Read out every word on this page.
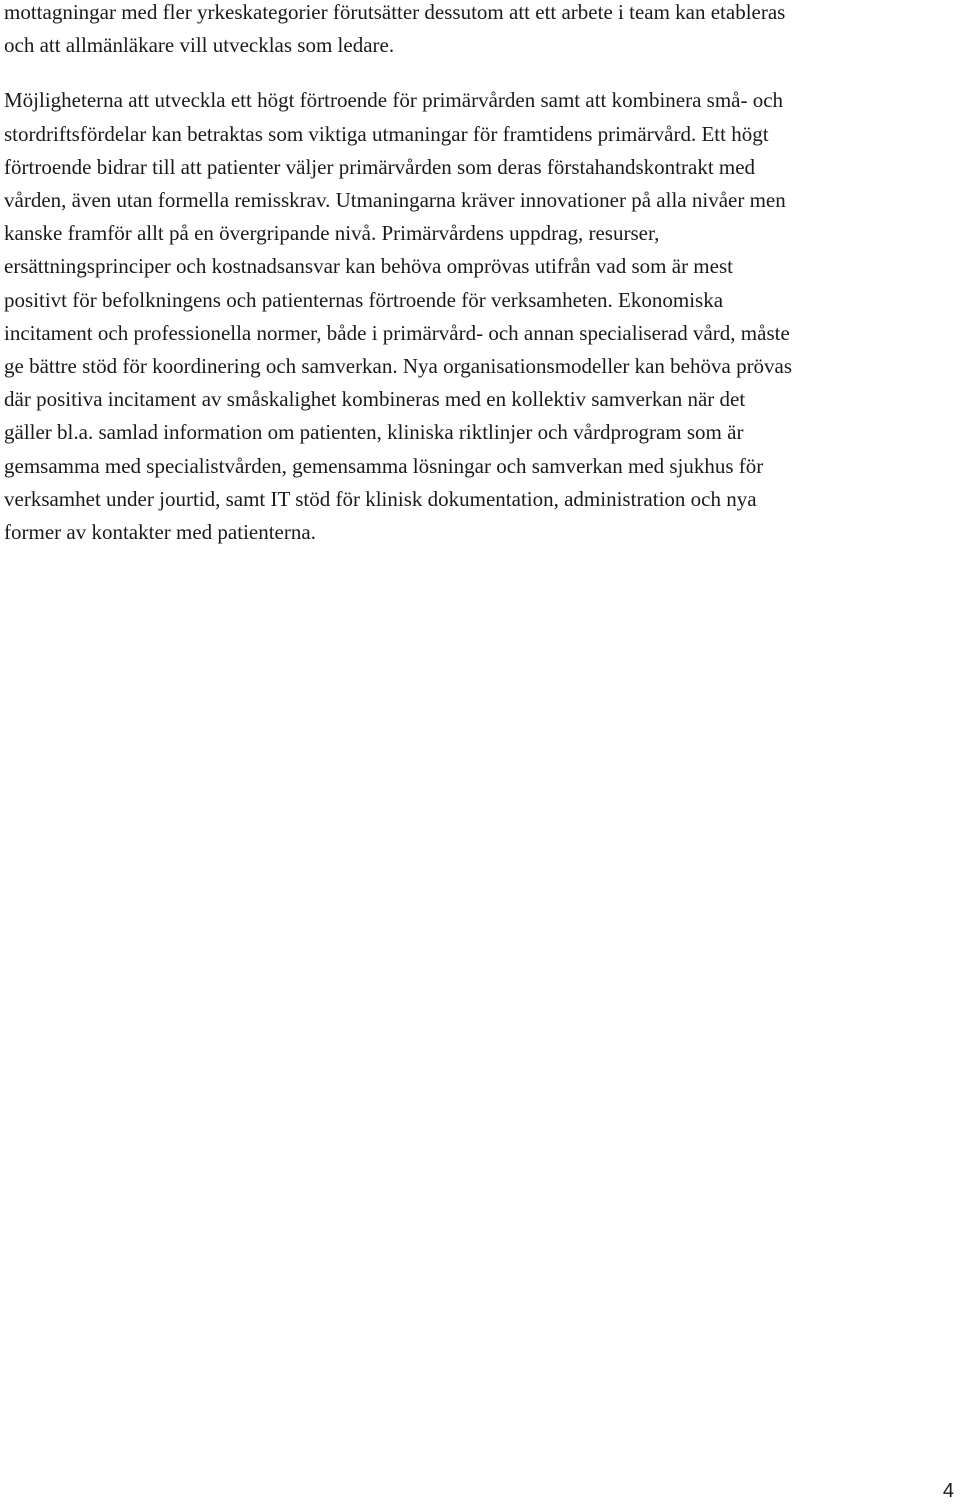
mottagningar med fler yrkeskategorier förutsätter dessutom att ett arbete i team kan etableras
och att allmänläkare vill utvecklas som ledare.
Möjligheterna att utveckla ett högt förtroende för primärvården samt att kombinera små- och
stordriftsfördelar kan betraktas som viktiga utmaningar för framtidens primärvård. Ett högt
förtroende bidrar till att patienter väljer primärvården som deras förstahandskontrakt med
vården, även utan formella remisskrav. Utmaningarna kräver innovationer på alla nivåer men
kanske framför allt på en övergripande nivå. Primärvårdens uppdrag, resurser,
ersättningsprinciper och kostnadsansvar kan behöva omprövas utifrån vad som är mest
positivt för befolkningens och patienternas förtroende för verksamheten. Ekonomiska
incitament och professionella normer, både i primärvård- och annan specialiserad vård, måste
ge bättre stöd för koordinering och samverkan. Nya organisationsmodeller kan behöva prövas
där positiva incitament av småskalighet kombineras med en kollektiv samverkan när det
gäller bl.a. samlad information om patienten, kliniska riktlinjer och vårdprogram som är
gemsamma med specialistvården, gemensamma lösningar och samverkan med sjukhus för
verksamhet under jourtid, samt IT stöd för klinisk dokumentation, administration och nya
former av kontakter med patienterna.
4
